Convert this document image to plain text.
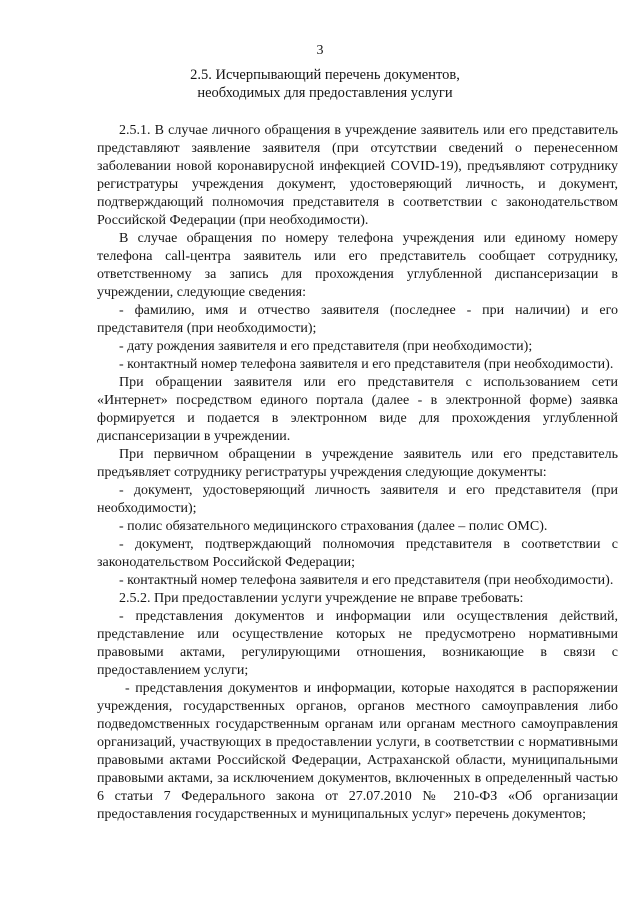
3
2.5. Исчерпывающий перечень документов, необходимых для предоставления услуги

2.5.1. В случае личного обращения в учреждение заявитель или его представитель представляют заявление заявителя (при отсутствии сведений о перенесенном заболевании новой коронавирусной инфекцией COVID-19), предъявляют сотруднику регистратуры учреждения документ, удостоверяющий личность, и документ, подтверждающий полномочия представителя в соответствии с законодательством Российской Федерации (при необходимости).

В случае обращения по номеру телефона учреждения или единому номеру телефона call-центра заявитель или его представитель сообщает сотруднику, ответственному за запись для прохождения углубленной диспансеризации в учреждении, следующие сведения:

- фамилию, имя и отчество заявителя (последнее - при наличии) и его представителя (при необходимости);

- дату рождения заявителя и его представителя (при необходимости);

- контактный номер телефона заявителя и его представителя (при необходимости).

При обращении заявителя или его представителя с использованием сети «Интернет» посредством единого портала (далее - в электронной форме) заявка формируется и подается в электронном виде для прохождения углубленной диспансеризации в учреждении.

При первичном обращении в учреждение заявитель или его представитель предъявляет сотруднику регистратуры учреждения следующие документы:

- документ, удостоверяющий личность заявителя и его представителя (при необходимости);

- полис обязательного медицинского страхования (далее – полис ОМС).

- документ, подтверждающий полномочия представителя в соответствии с законодательством Российской Федерации;

- контактный номер телефона заявителя и его представителя (при необходимости).

2.5.2. При предоставлении услуги учреждение не вправе требовать:

- представления документов и информации или осуществления действий, представление или осуществление которых не предусмотрено нормативными правовыми актами, регулирующими отношения, возникающие в связи с предоставлением услуги;

- представления документов и информации, которые находятся в распоряжении учреждения, государственных органов, органов местного самоуправления либо подведомственных государственным органам или органам местного самоуправления организаций, участвующих в предоставлении услуги, в соответствии с нормативными правовыми актами Российской Федерации, Астраханской области, муниципальными правовыми актами, за исключением документов, включенных в определенный частью 6 статьи 7 Федерального закона от 27.07.2010 № 210-ФЗ «Об организации предоставления государственных и муниципальных услуг» перечень документов;
